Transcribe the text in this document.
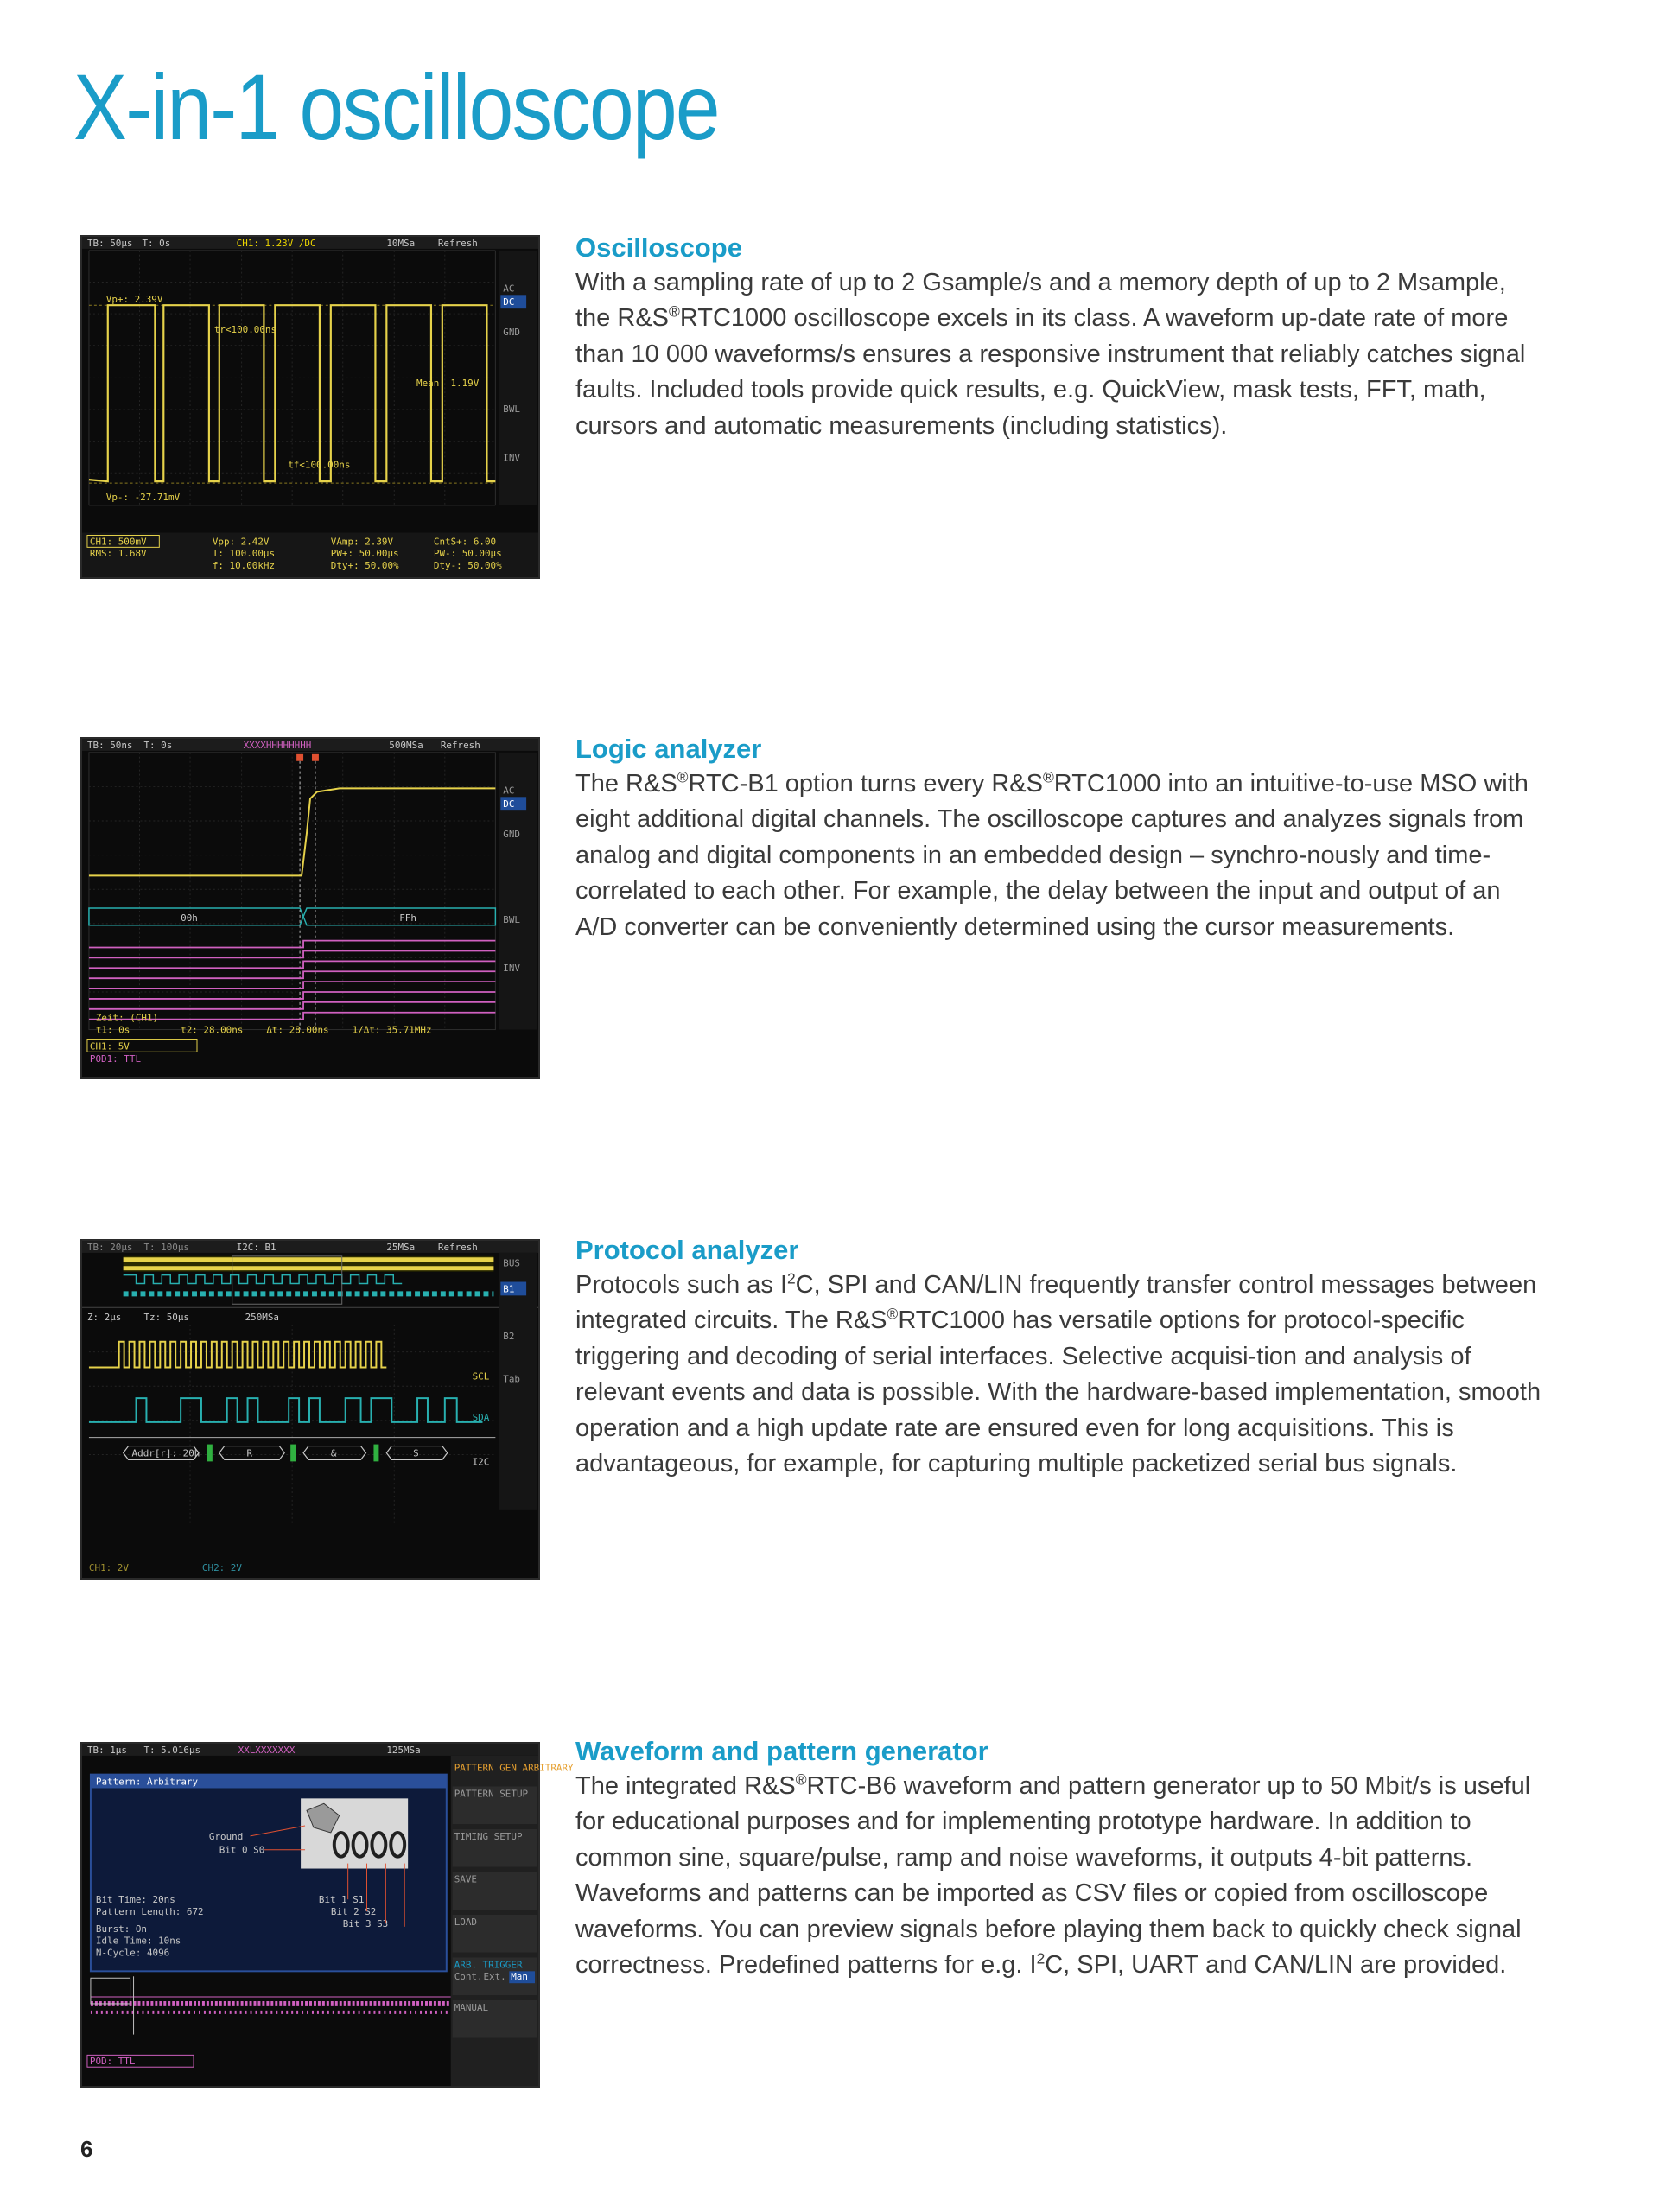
X-in-1 oscilloscope
TB: 50µs T: 0s	CH1: 1.23V /DC	10MSa Refresh
Vp+: 2.39V
tr<100.00ns
Mean: 1.19V
tf<100.00ns
Vp-: -27.71mV
AC
DC
GND
BWL
INV
CH1: 500mV
RMS: 1.68V
Vpp: 2.42V
T: 100.00µs
f: 10.00kHz
VAmp: 2.39V
PW+: 50.00µs
Dty+: 50.00%
CntS+: 6.00
PW-: 50.00µs
Dty-: 50.00%
Oscilloscope

With a sampling rate of up to 2 Gsample/s and a memory depth of up to 2 Msample, the R&S®RTC1000 oscilloscope excels in its class. A waveform up-date rate of more than 10 000 waveforms/s ensures a responsive instrument that reliably catches signal faults. Included tools provide quick results, e.g. QuickView, mask tests, FFT, math, cursors and automatic measurements (including statistics).

TB: 50ns T: 0s	XXXXHHHHHHHH	500MSa Refresh
00h	FFh
AC
DC
GND
BWL
INV
Zeit: (CH1)
t1: 0s	t2: 28.00ns Δt: 28.00ns 1/Δt: 35.71MHz
CH1: 5V
POD1: TTL
Logic analyzer

The R&S®RTC-B1 option turns every R&S®RTC1000 into an intuitive-to-use MSO with eight additional digital channels. The oscilloscope captures and analyzes signals from analog and digital components in an embedded design – synchro-nously and time-correlated to each other. For example, the delay between the input and output of an A/D converter can be conveniently determined using the cursor measurements.

TB: 20µs T: 100µs	I2C: B1	25MSa Refresh
Z: 2µs Tz: 50µs	250MSa
SCL
SDA
Addr[r]: 20h	R	&	S
I2C
BUS
B1
B2
Tab
CH1: 2V	CH2: 2V
Protocol analyzer

Protocols such as $I^2C$, SPI and CAN/LIN frequently transfer control messages between integrated circuits. The R&S®RTC1000 has versatile options for protocol-specific triggering and decoding of serial interfaces. Selective acquisi-tion and analysis of relevant events and data is possible. With the hardware-based implementation, smooth operation and a high update rate are ensured even for long acquisitions. This is advantageous, for example, for capturing multiple packetized serial bus signals.

TB: 1µs T: 5.016µs	XXLXXXXXXX	125MSa
Pattern: Arbitrary
Ground
Bit 0 S0
Bit Time: 20ns
Pattern Length: 672
Burst: On
Idle Time: 10ns
N-Cycle: 4096
Bit 1 S1
Bit 2 S2
Bit 3 S3
PATTERN GEN ARBITRARY
PATTERN SETUP
TIMING SETUP
SAVE
LOAD
ARB. TRIGGER
Cont. Ext. Man
MANUAL
POD: TTL
Waveform and pattern generator

The integrated R&S®RTC-B6 waveform and pattern generator up to 50 Mbit/s is useful for educational purposes and for implementing prototype hardware. In addition to common sine, square/pulse, ramp and noise waveforms, it outputs 4-bit patterns. Waveforms and patterns can be imported as CSV files or copied from oscilloscope waveforms. You can preview signals before playing them back to quickly check signal correctness. Predefined patterns for e.g. $I^2C$, SPI, UART and CAN/LIN are provided.

6
